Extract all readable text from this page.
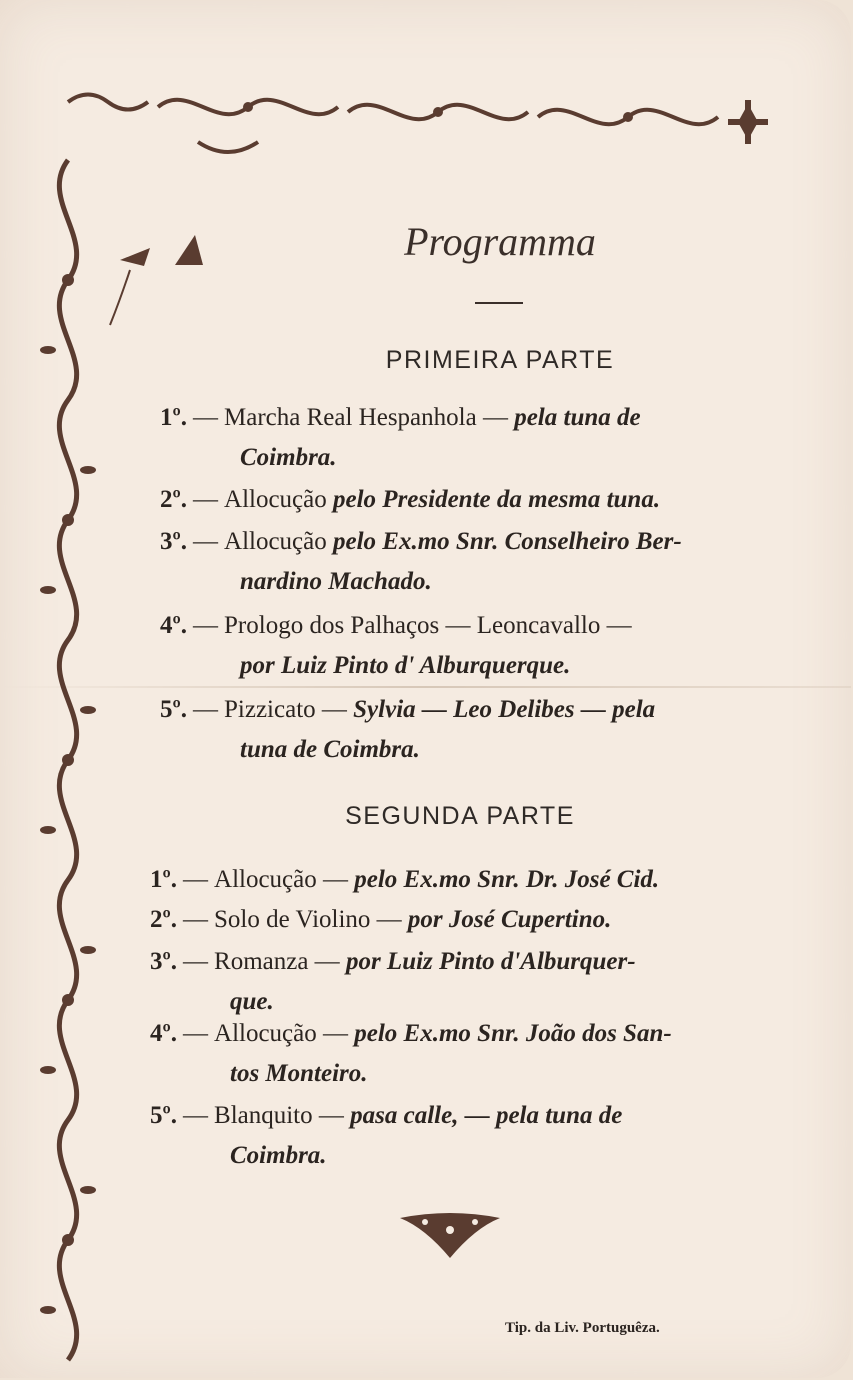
Programma
PRIMEIRA PARTE
1º. — Marcha Real Hespanhola — pela tuna de
Coimbra.
2º. — Allocução pelo Presidente da mesma tuna.
3º. — Allocução pelo Ex.mo Snr. Conselheiro Ber-
nardino Machado.
4º. — Prologo dos Palhaços — Leoncavallo —
por Luiz Pinto d' Alburquerque.
5º. — Pizzicato — Sylvia — Leo Delibes — pela
tuna de Coimbra.
SEGUNDA PARTE
1º. — Allocução — pelo Ex.mo Snr. Dr. José Cid.
2º. — Solo de Violino — por José Cupertino.
3º. — Romanza — por Luiz Pinto d'Alburquer-
que.
4º. — Allocução — pelo Ex.mo Snr. João dos San-
tos Monteiro.
5º. — Blanquito — pasa calle, — pela tuna de
Coimbra.
Tip. da Liv. Portuguêza.
